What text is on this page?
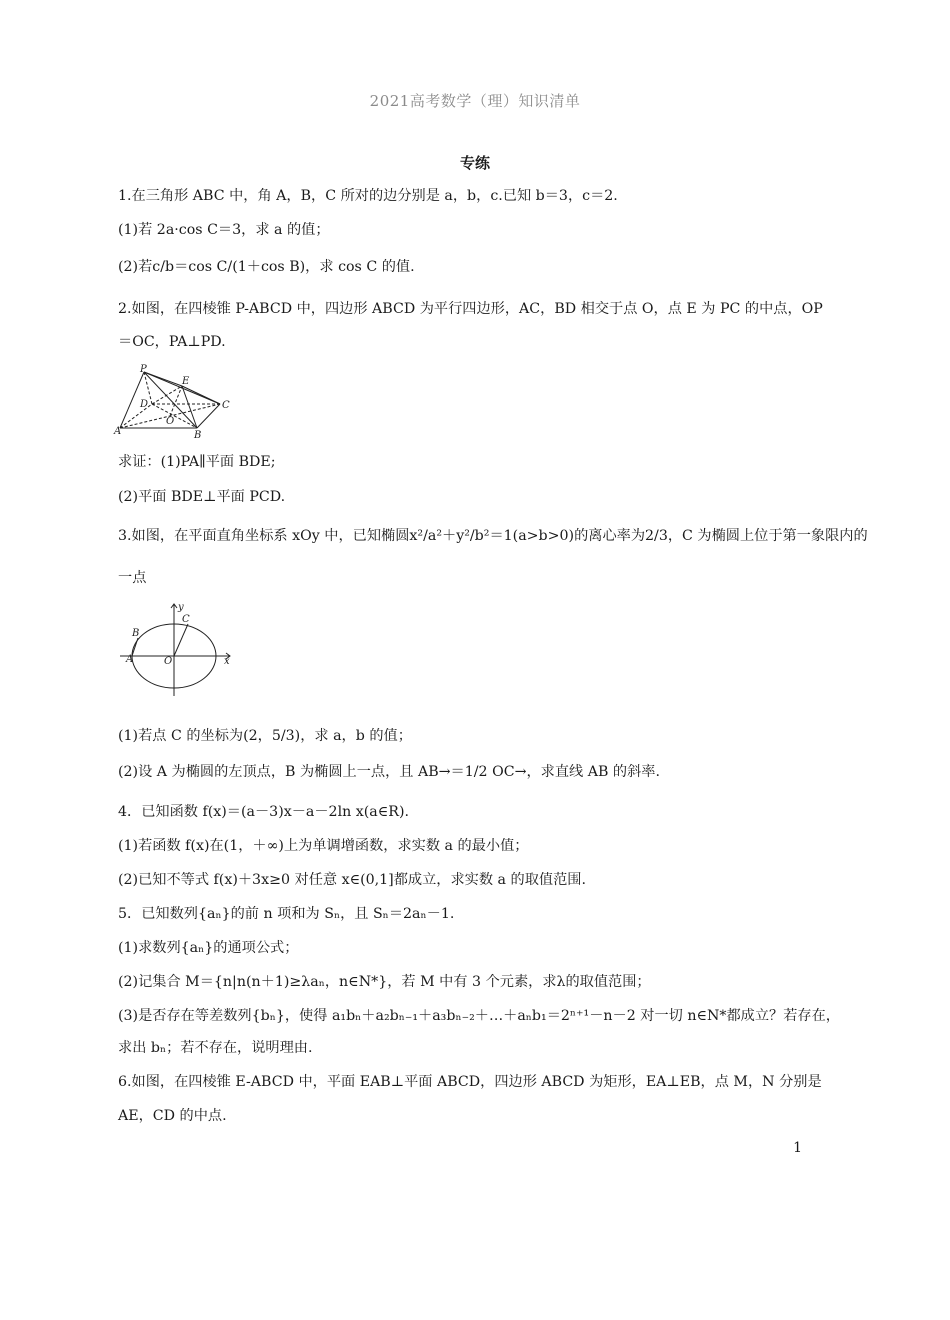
2021高考数学（理）知识清单
专练
1.在三角形 ABC 中，角 A，B，C 所对的边分别是 a，b，c.已知 b＝3，c＝2.
(1)若 2a·cos C＝3，求 a 的值；
(2)若c/b＝cos C/(1＋cos B)，求 cos C 的值.
2.如图，在四棱锥 P-ABCD 中，四边形 ABCD 为平行四边形，AC，BD 相交于点 O，点 E 为 PC 的中点，OP
＝OC，PA⊥PD.
P
E
D	C
O
A	B
求证：(1)PA∥平面 BDE;
(2)平面 BDE⊥平面 PCD.
3.如图，在平面直角坐标系 xOy 中，已知椭圆x²/a²＋y²/b²＝1(a>b>0)的离心率为2/3，C 为椭圆上位于第一象限内的
一点
y
C
B
A	O	x
(1)若点 C 的坐标为(2，5/3)，求 a，b 的值；
(2)设 A 为椭圆的左顶点，B 为椭圆上一点，且 AB→＝1/2 OC→，求直线 AB 的斜率.
4．已知函数 f(x)＝(a－3)x－a－2ln x(a∈R).
(1)若函数 f(x)在(1，＋∞)上为单调增函数，求实数 a 的最小值；
(2)已知不等式 f(x)＋3x≥0 对任意 x∈(0,1]都成立，求实数 a 的取值范围.
5．已知数列{aₙ}的前 n 项和为 Sₙ，且 Sₙ＝2aₙ－1.
(1)求数列{aₙ}的通项公式；
(2)记集合 M＝{n|n(n＋1)≥λaₙ，n∈N*}，若 M 中有 3 个元素，求λ的取值范围；
(3)是否存在等差数列{bₙ}，使得 a₁bₙ＋a₂bₙ₋₁＋a₃bₙ₋₂＋…＋aₙb₁＝2ⁿ⁺¹－n－2 对一切 n∈N*都成立？若存在，
求出 bₙ；若不存在，说明理由.
6.如图，在四棱锥 E-ABCD 中，平面 EAB⊥平面 ABCD，四边形 ABCD 为矩形，EA⊥EB，点 M，N 分别是
AE，CD 的中点.
1
